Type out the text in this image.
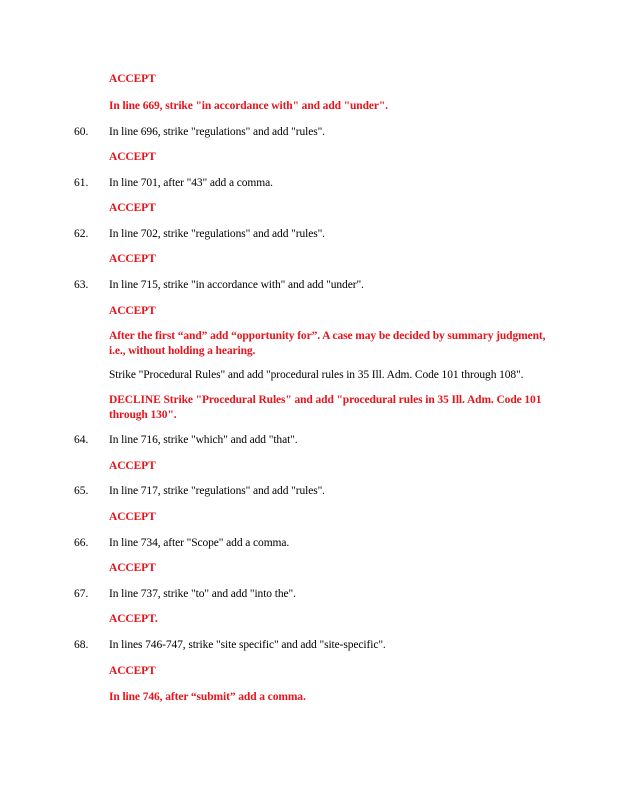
ACCEPT
In line 669, strike "in accordance with" and add "under".
60. In line 696, strike "regulations" and add "rules".
ACCEPT
61. In line 701, after "43" add a comma.
ACCEPT
62. In line 702, strike "regulations" and add "rules".
ACCEPT
63. In line 715, strike "in accordance with" and add "under".
ACCEPT
After the first “and” add “opportunity for”. A case may be decided by summary judgment,
i.e., without holding a hearing.
Strike "Procedural Rules" and add "procedural rules in 35 Ill. Adm. Code 101 through 108".
DECLINE Strike "Procedural Rules" and add "procedural rules in 35 Ill. Adm. Code 101
through 130".
64. In line 716, strike "which" and add "that".
ACCEPT
65. In line 717, strike "regulations" and add "rules".
ACCEPT
66. In line 734, after "Scope" add a comma.
ACCEPT
67. In line 737, strike "to" and add "into the".
ACCEPT.
68. In lines 746-747, strike "site specific" and add "site-specific".
ACCEPT
In line 746, after “submit” add a comma.
